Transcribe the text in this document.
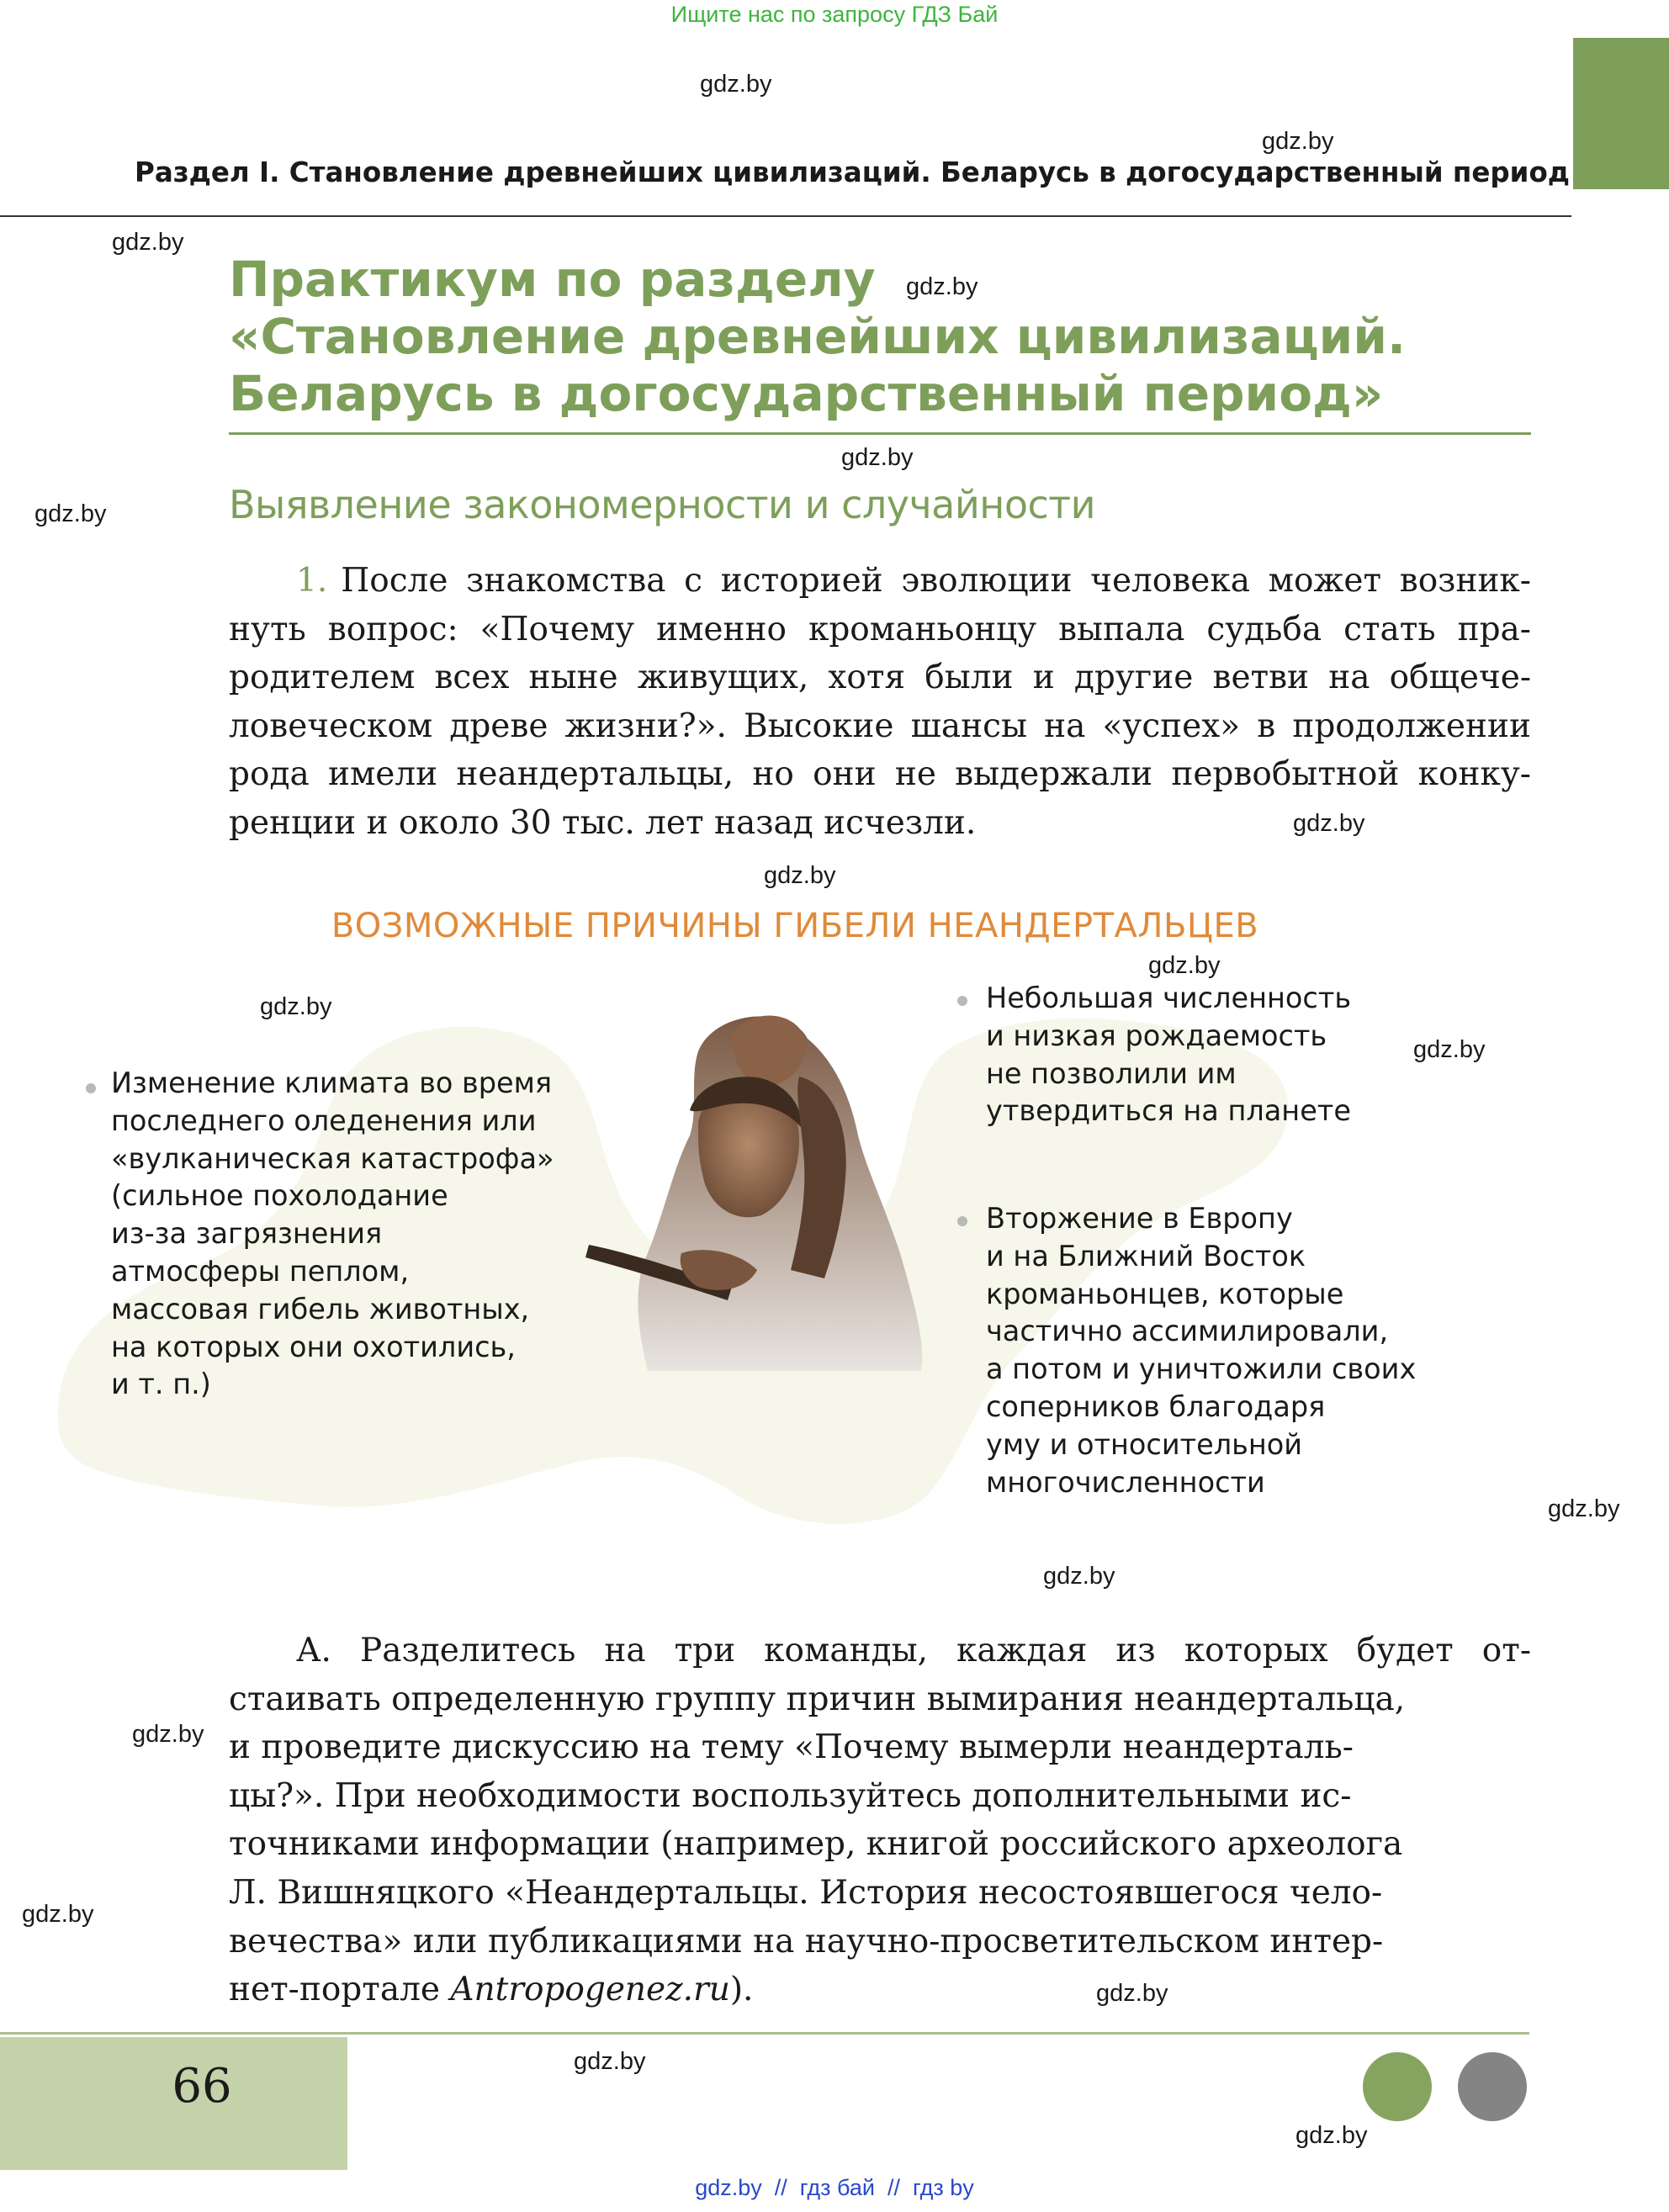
Ищите нас по запросу ГДЗ Бай
gdz.by
gdz.by
gdz.by
gdz.by
gdz.by
gdz.by
gdz.by
gdz.by
gdz.by
gdz.by
gdz.by
gdz.by
gdz.by
gdz.by
gdz.by
gdz.by
gdz.by
gdz.by
Раздел I. Становление древнейших цивилизаций. Беларусь в догосударственный период
Практикум по разделу
«Становление древнейших цивилизаций.
Беларусь в догосударственный период»
Выявление закономерности и случайности
1. После знакомства с историей эволюции человека может возник-
нуть вопрос: «Почему именно кроманьонцу выпала судьба стать пра-
родителем всех ныне живущих, хотя были и другие ветви на общече-
ловеческом древе жизни?». Высокие шансы на «успех» в продолжении
рода имели неандертальцы, но они не выдержали первобытной конку-
ренции и около 30 тыс. лет назад исчезли.
ВОЗМОЖНЫЕ ПРИЧИНЫ ГИБЕЛИ НЕАНДЕРТАЛЬЦЕВ
Изменение климата во время
последнего оледенения или
«вулканическая катастрофа»
(сильное похолодание
из-за загрязнения
атмосферы пеплом,
массовая гибель животных,
на которых они охотились,
и т. п.)
Небольшая численность
и низкая рождаемость
не позволили им
утвердиться на планете
Вторжение в Европу
и на Ближний Восток
кроманьонцев, которые
частично ассимилировали,
а потом и уничтожили своих
соперников благодаря
уму и относительной
многочисленности
А. Разделитесь на три команды, каждая из которых будет от-
стаивать определенную группу причин вымирания неандертальца,
и проведите дискуссию на тему «Почему вымерли неандерталь-
цы?». При необходимости воспользуйтесь дополнительными ис-
точниками информации (например, книгой российского археолога
Л. Вишняцкого «Неандертальцы. История несостоявшегося чело-
вечества» или публикациями на научно-просветительском интер-
нет-портале Antropogenez.ru ).
66
gdz.by  //  гдз бай  //  гдз by
